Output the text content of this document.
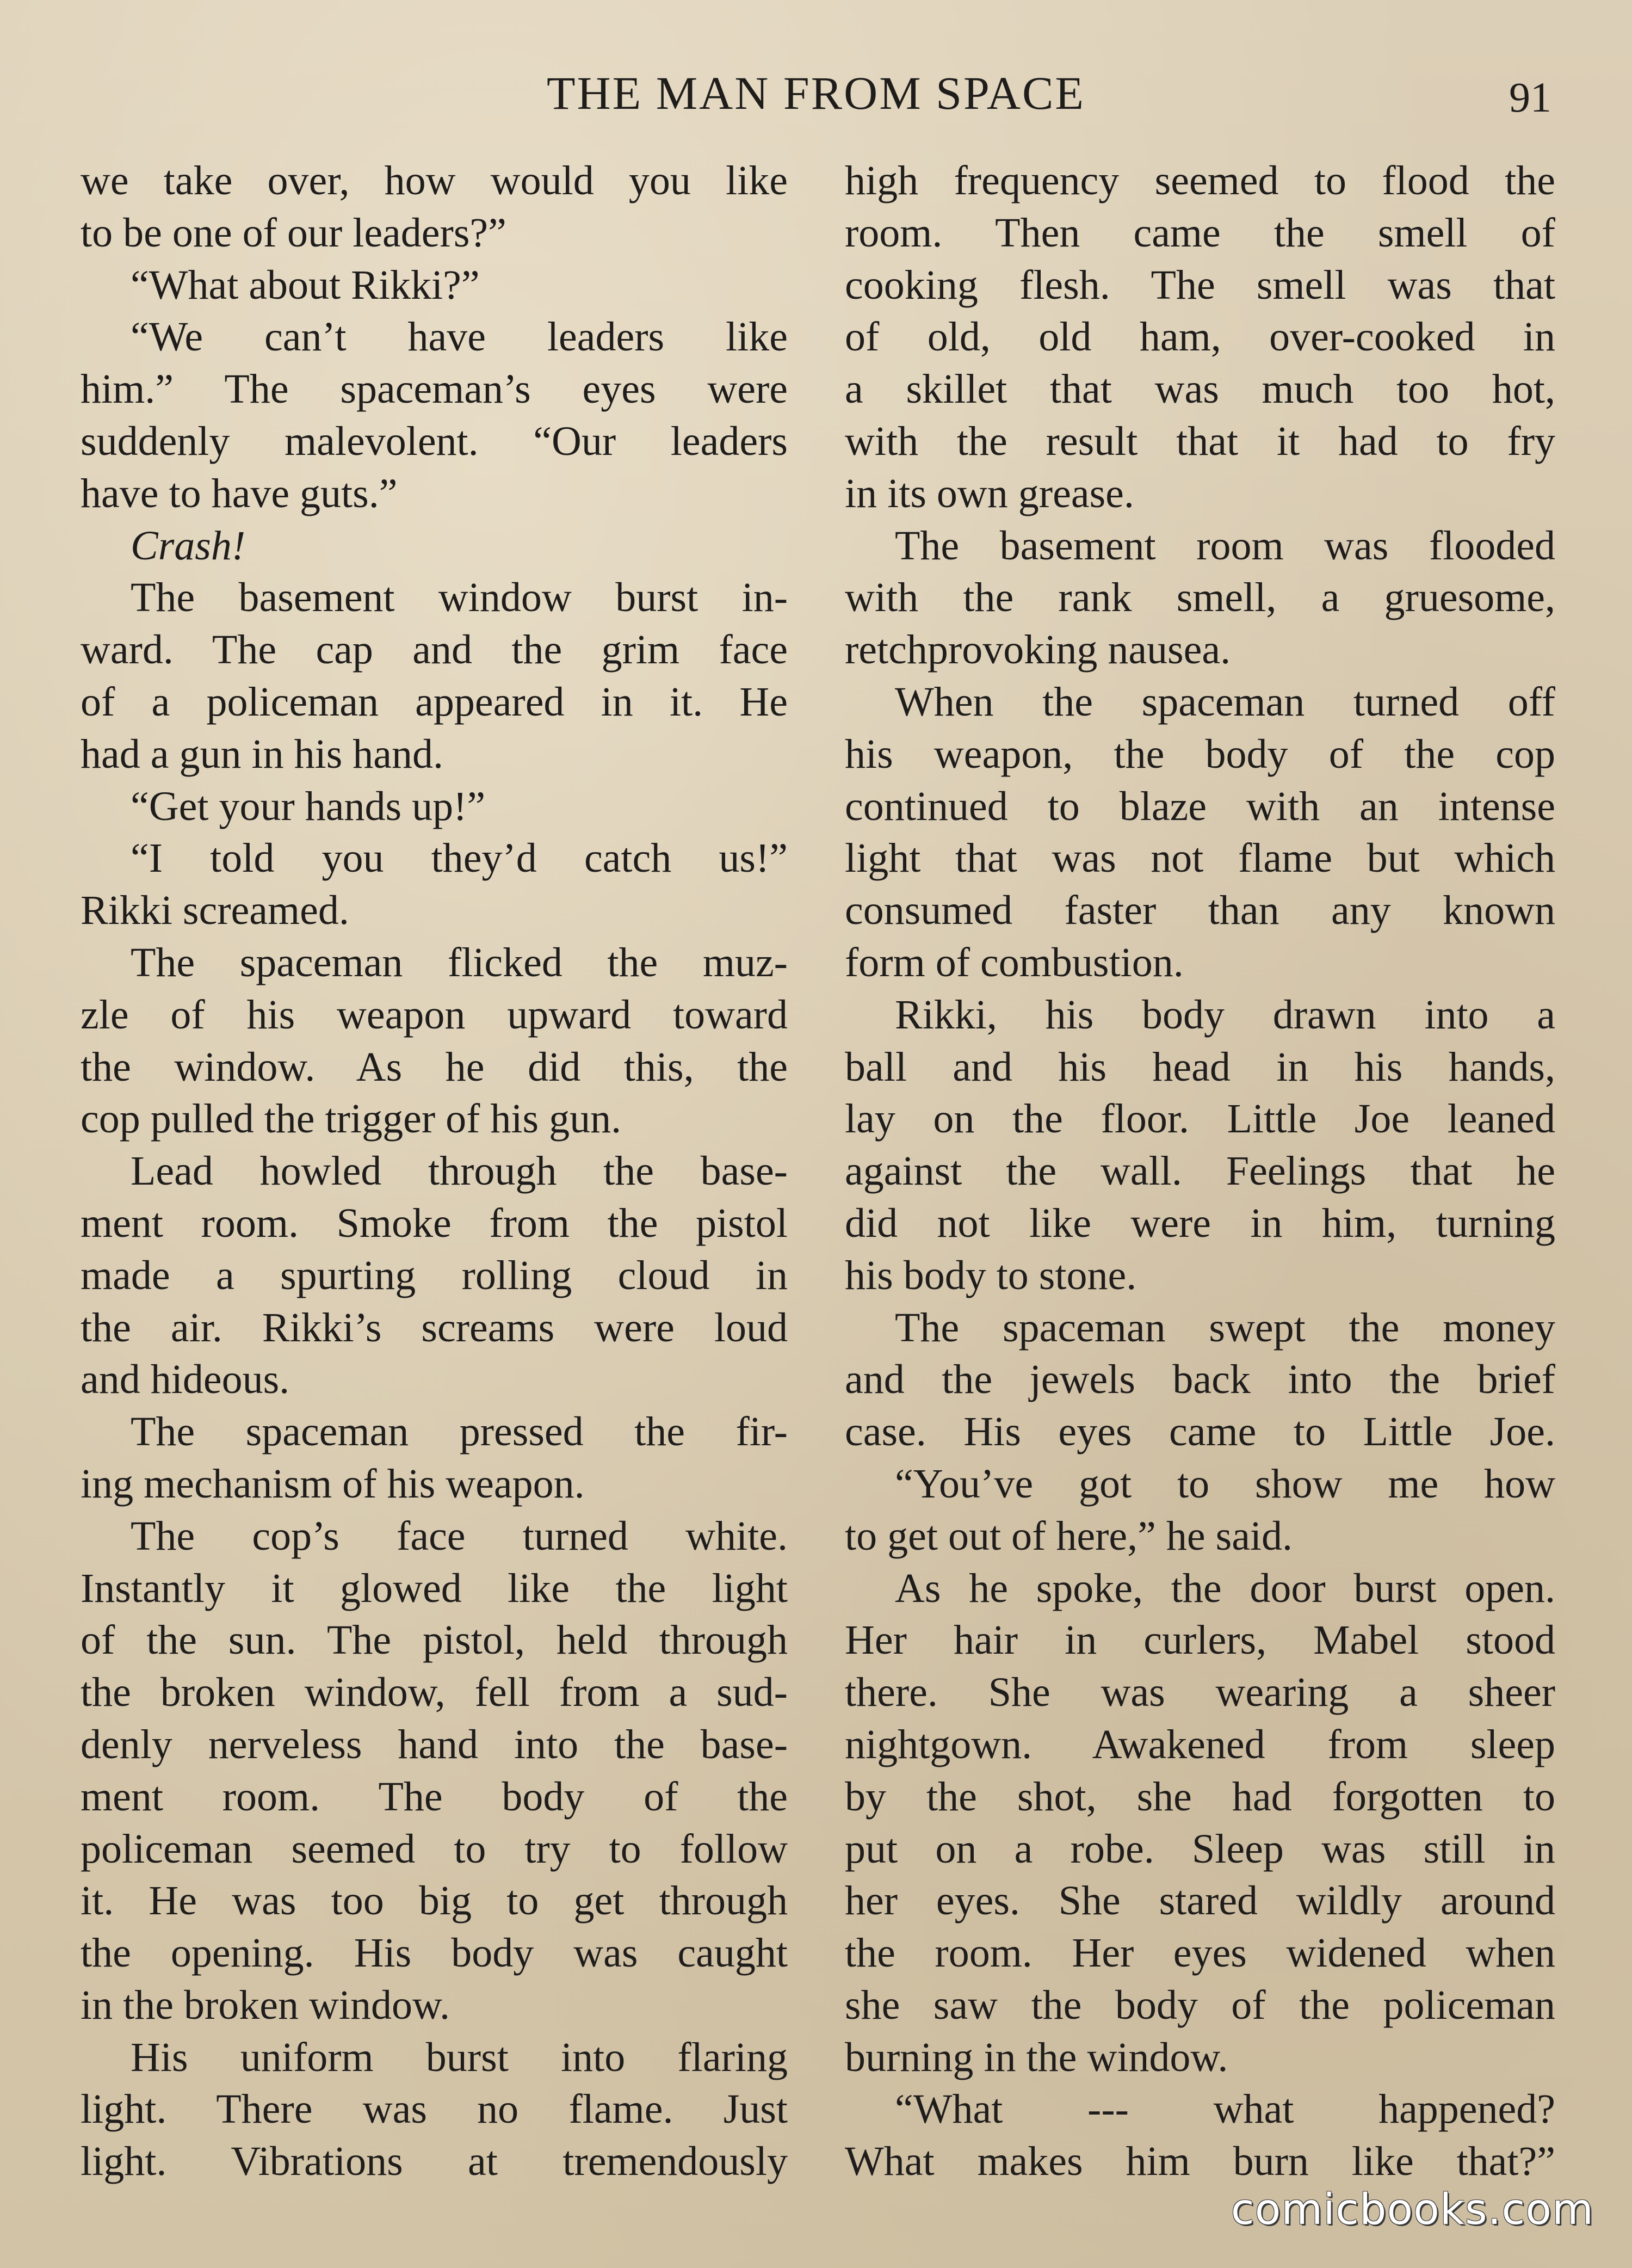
THE MAN FROM SPACE	91
we take over, how would you like
to be one of our leaders?”
“What about Rikki?”
“We can’t have leaders like
him.” The spaceman’s eyes were
suddenly malevolent. “Our leaders
have to have guts.”
Crash!
The basement window burst in-
ward. The cap and the grim face
of a policeman appeared in it. He
had a gun in his hand.
“Get your hands up!”
“I told you they’d catch us!”
Rikki screamed.
The spaceman flicked the muz-
zle of his weapon upward toward
the window. As he did this, the
cop pulled the trigger of his gun.
Lead howled through the base-
ment room. Smoke from the pistol
made a spurting rolling cloud in
the air. Rikki’s screams were loud
and hideous.
The spaceman pressed the fir-
ing mechanism of his weapon.
The cop’s face turned white.
Instantly it glowed like the light
of the sun. The pistol, held through
the broken window, fell from a sud-
denly nerveless hand into the base-
ment room. The body of the
policeman seemed to try to follow
it. He was too big to get through
the opening. His body was caught
in the broken window.
His uniform burst into flaring
light. There was no flame. Just
light. Vibrations at tremendously
high frequency seemed to flood the
room. Then came the smell of
cooking flesh. The smell was that
of old, old ham, over-cooked in
a skillet that was much too hot,
with the result that it had to fry
in its own grease.
The basement room was flooded
with the rank smell, a gruesome,
retchprovoking nausea.
When the spaceman turned off
his weapon, the body of the cop
continued to blaze with an intense
light that was not flame but which
consumed faster than any known
form of combustion.
Rikki, his body drawn into a
ball and his head in his hands,
lay on the floor. Little Joe leaned
against the wall. Feelings that he
did not like were in him, turning
his body to stone.
The spaceman swept the money
and the jewels back into the brief
case. His eyes came to Little Joe.
“You’ve got to show me how
to get out of here,” he said.
As he spoke, the door burst open.
Her hair in curlers, Mabel stood
there. She was wearing a sheer
nightgown. Awakened from sleep
by the shot, she had forgotten to
put on a robe. Sleep was still in
her eyes. She stared wildly around
the room. Her eyes widened when
she saw the body of the policeman
burning in the window.
“What --- what happened?
What makes him burn like that?”
comicbooks.com
